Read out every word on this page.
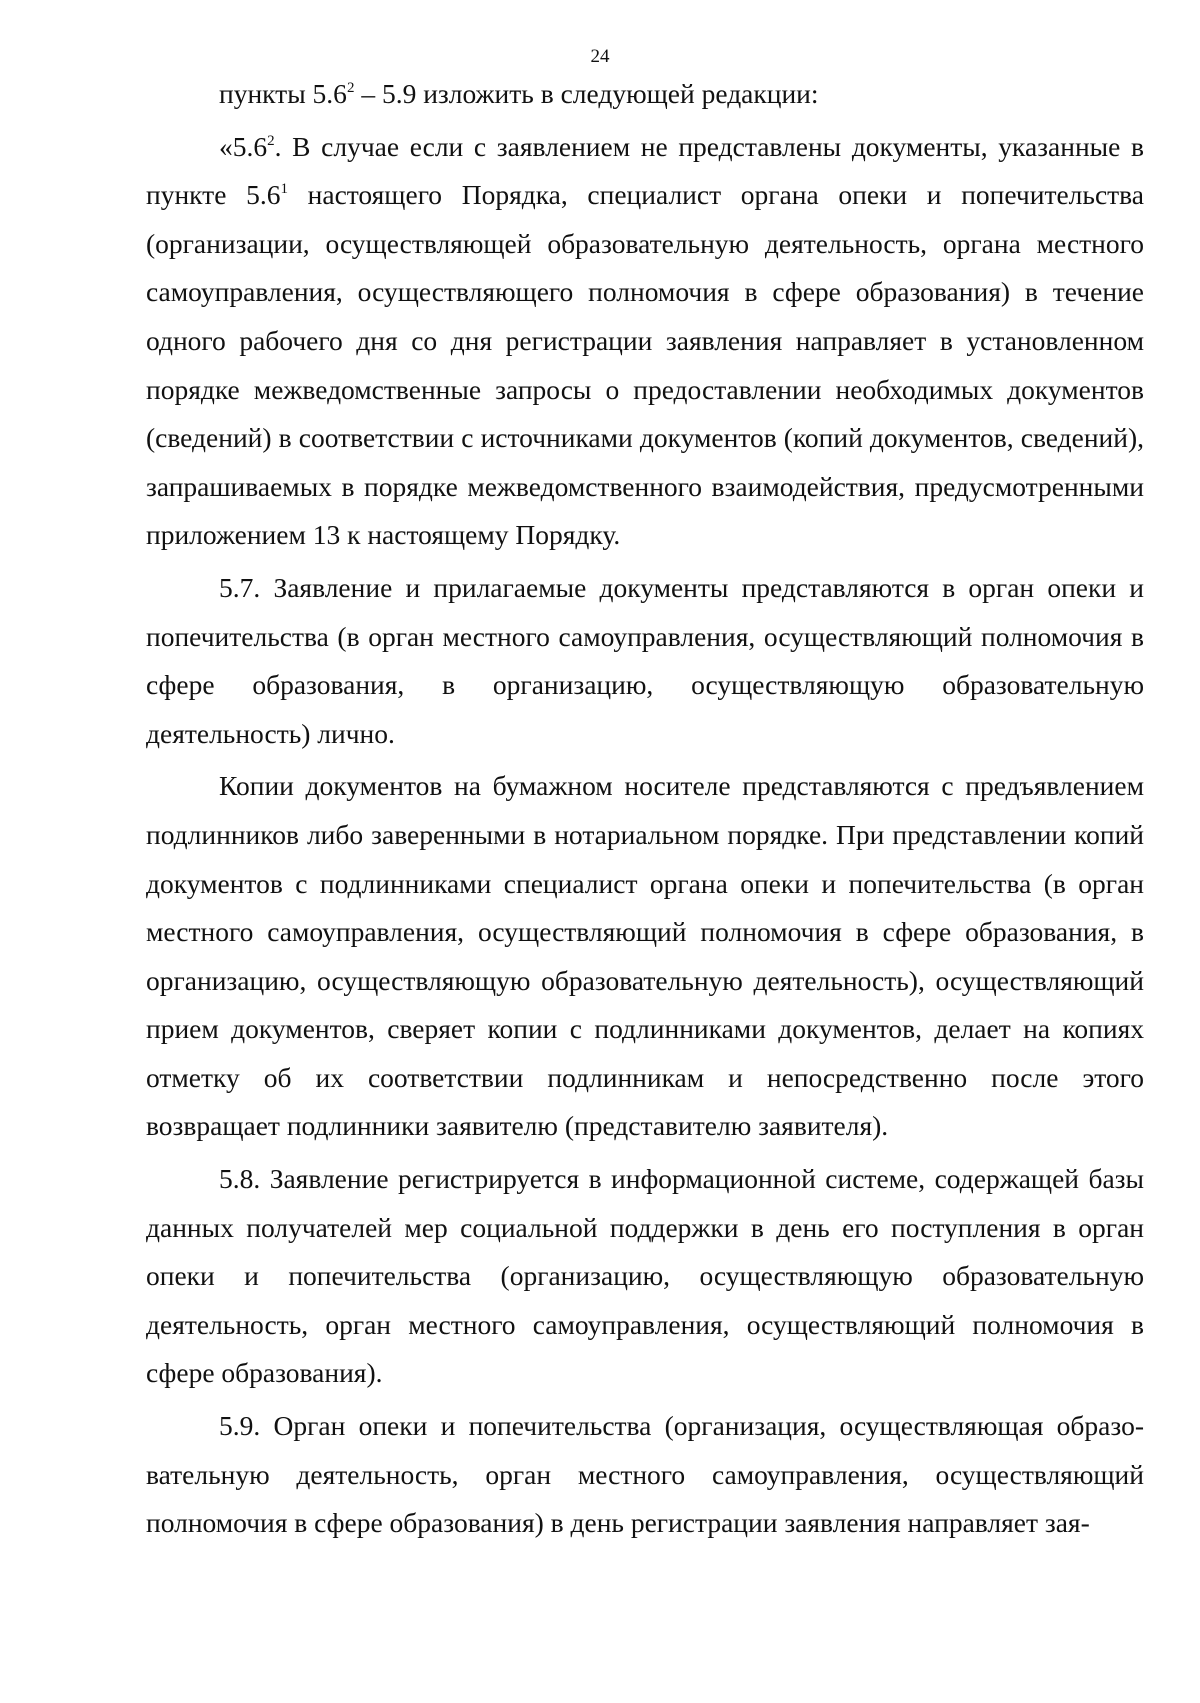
24

пункты $5.6^2 - 5.9$ изложить в следующей редакции:

«$5.6^2$. В случае если с заявлением не представлены документы, указанные в пункте $5.6^1$ настоящего Порядка, специалист органа опеки и попечительства (организации, осуществляющей образовательную деятельность, органа местного самоуправления, осуществляющего полномочия в сфере образования) в течение одного рабочего дня со дня регистрации заявления направляет в установленном порядке межведомственные запросы о предоставлении необходимых документов (сведений) в соответствии с источниками документов (копий документов, сведений), запрашиваемых в порядке межведомственного взаимодействия, предусмотренными приложением 13 к настоящему Порядку.

5.7. Заявление и прилагаемые документы представляются в орган опеки и попечительства (в орган местного самоуправления, осуществляющий полномочия в сфере образования, в организацию, осуществляющую образовательную деятельность) лично.

Копии документов на бумажном носителе представляются с предъявлением подлинников либо заверенными в нотариальном порядке. При представлении копий документов с подлинниками специалист органа опеки и попечительства (в орган местного самоуправления, осуществляющий полномочия в сфере образования, в организацию, осуществляющую образовательную деятельность), осуществляющий прием документов, сверяет копии с подлинниками документов, делает на копиях отметку об их соответствии подлинникам и непосредственно после этого возвращает подлинники заявителю (представителю заявителя).

5.8. Заявление регистрируется в информационной системе, содержащей базы данных получателей мер социальной поддержки в день его поступления в орган опеки и попечительства (организацию, осуществляющую образовательную деятельность, орган местного самоуправления, осуществляющий полномочия в сфере образования).

5.9. Орган опеки и попечительства (организация, осуществляющая образовательную деятельность, орган местного самоуправления, осуществляющий полномочия в сфере образования) в день регистрации заявления направляет зая-
